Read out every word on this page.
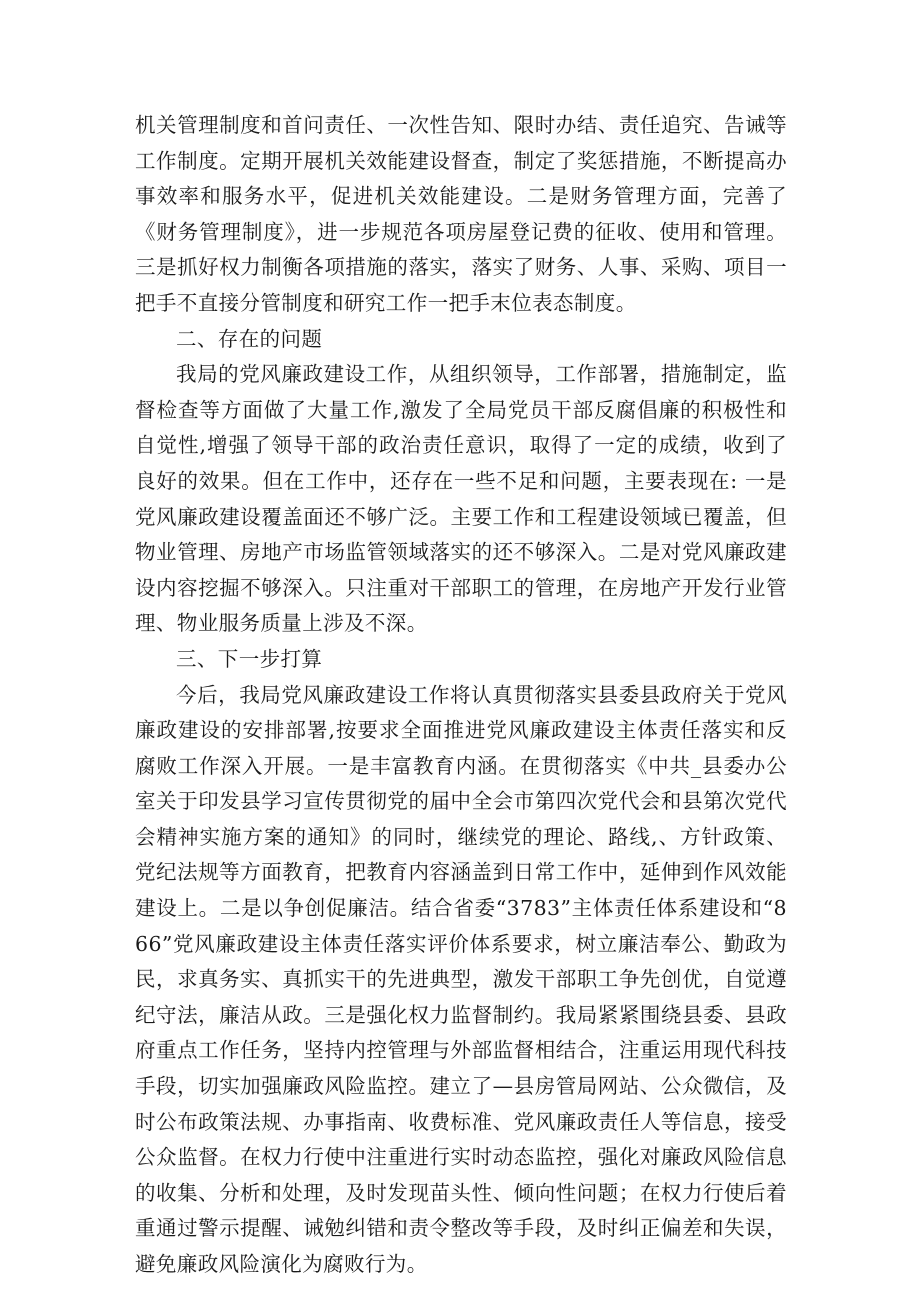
机关管理制度和首问责任、一次性告知、限时办结、责任追究、告诫等工作制度。定期开展机关效能建设督查，制定了奖惩措施，不断提高办事效率和服务水平，促进机关效能建设。二是财务管理方面，完善了《财务管理制度》，进一步规范各项房屋登记费的征收、使用和管理。三是抓好权力制衡各项措施的落实，落实了财务、人事、采购、项目一把手不直接分管制度和研究工作一把手末位表态制度。

二、存在的问题

我局的党风廉政建设工作，从组织领导，工作部署，措施制定，监督检查等方面做了大量工作,激发了全局党员干部反腐倡廉的积极性和自觉性,增强了领导干部的政治责任意识，取得了一定的成绩，收到了良好的效果。但在工作中，还存在一些不足和问题，主要表现在: 一是党风廉政建设覆盖面还不够广泛。主要工作和工程建设领域已覆盖，但物业管理、房地产市场监管领域落实的还不够深入。二是对党风廉政建设内容挖掘不够深入。只注重对干部职工的管理，在房地产开发行业管理、物业服务质量上涉及不深。

三、下一步打算

今后，我局党风廉政建设工作将认真贯彻落实县委县政府关于党风廉政建设的安排部署,按要求全面推进党风廉政建设主体责任落实和反腐败工作深入开展。一是丰富教育内涵。在贯彻落实《中共_县委办公室关于印发县学习宣传贯彻党的届中全会市第四次党代会和县第次党代会精神实施方案的通知》的同时，继续党的理论、路线,、方针政策、党纪法规等方面教育，把教育内容涵盖到日常工作中，延伸到作风效能建设上。二是以争创促廉洁。结合省委“3783”主体责任体系建设和“866”党风廉政建设主体责任落实评价体系要求，树立廉洁奉公、勤政为民，求真务实、真抓实干的先进典型，激发干部职工争先创优，自觉遵纪守法，廉洁从政。三是强化权力监督制约。我局紧紧围绕县委、县政府重点工作任务，坚持内控管理与外部监督相结合，注重运用现代科技手段，切实加强廉政风险监控。建立了—县房管局网站、公众微信，及时公布政策法规、办事指南、收费标准、党风廉政责任人等信息，接受公众监督。在权力行使中注重进行实时动态监控，强化对廉政风险信息的收集、分析和处理，及时发现苗头性、倾向性问题；在权力行使后着重通过警示提醒、诫勉纠错和责令整改等手段，及时纠正偏差和失误，避免廉政风险演化为腐败行为。
